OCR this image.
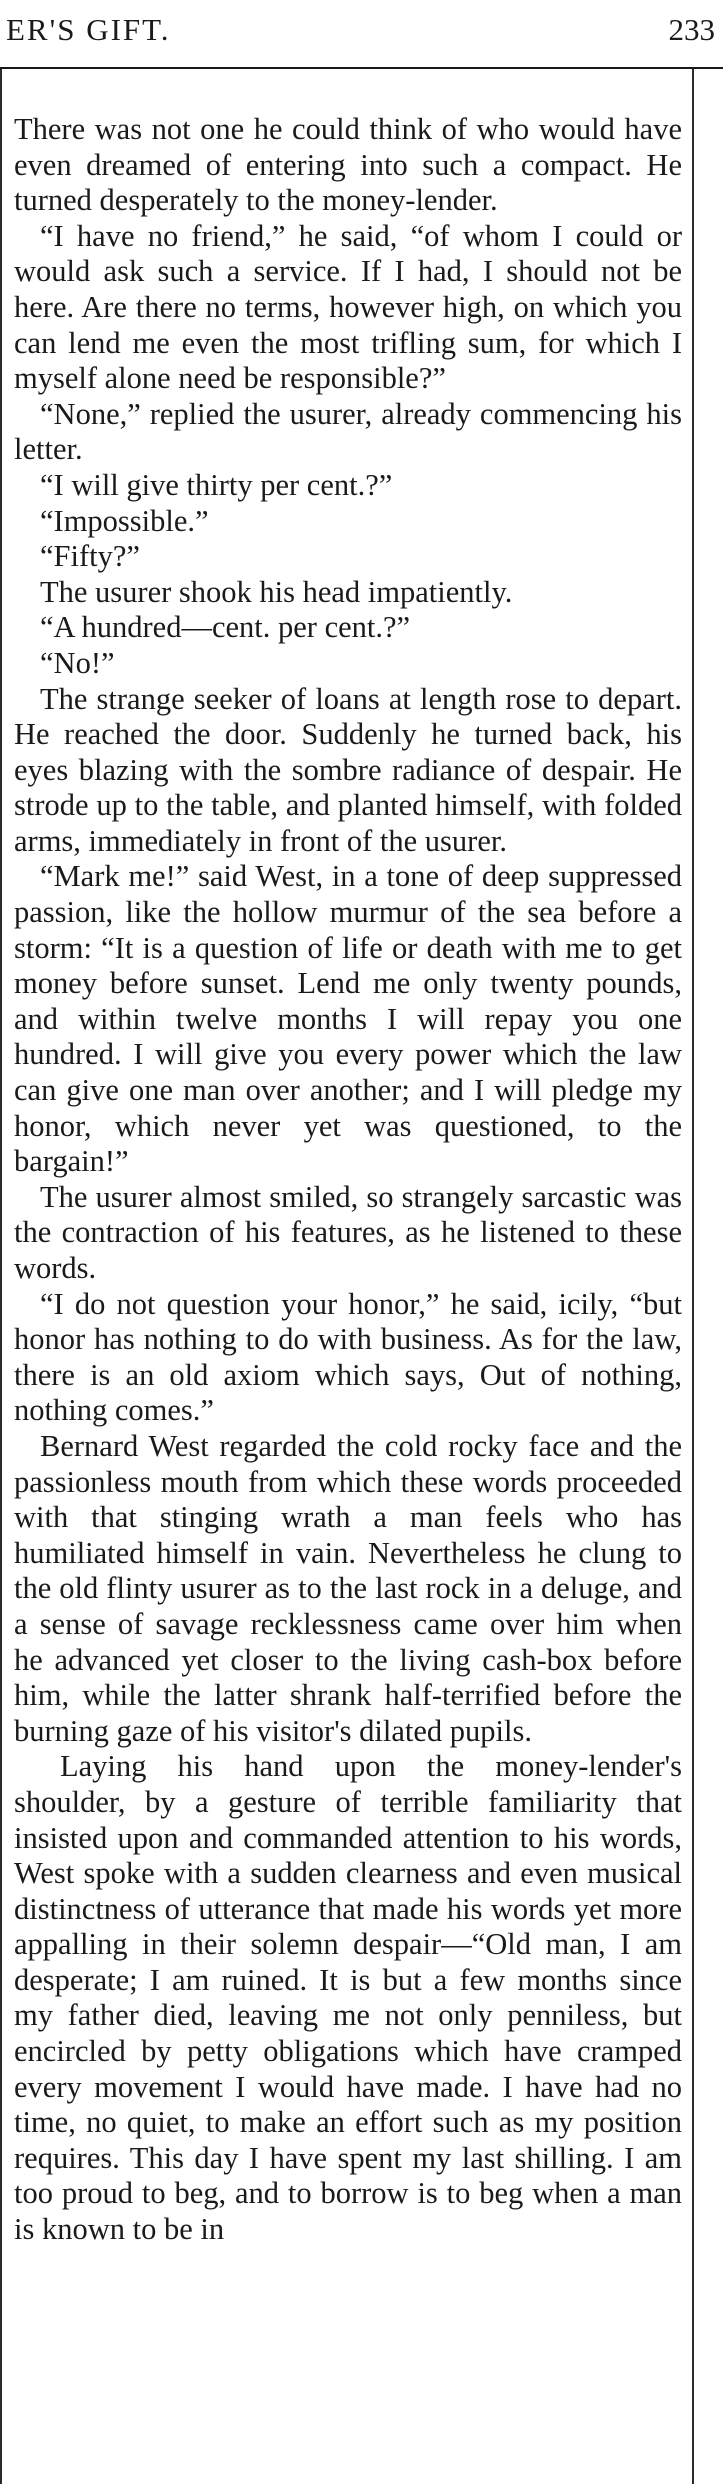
ER'S GIFT.	233

There was not one he could think of who would have even dreamed of entering into such a compact. He turned desperately to the money-lender.

“I have no friend,” he said, “of whom I could or would ask such a service. If I had, I should not be here. Are there no terms, however high, on which you can lend me even the most trifling sum, for which I myself alone need be responsible?”

“None,” replied the usurer, already commencing his letter.

“I will give thirty per cent.?”

“Impossible.”

“Fifty?”

The usurer shook his head impatiently.

“A hundred—cent. per cent.?”

“No!”

The strange seeker of loans at length rose to depart. He reached the door. Suddenly he turned back, his eyes blazing with the sombre radiance of despair. He strode up to the table, and planted himself, with folded arms, immediately in front of the usurer.

“Mark me!” said West, in a tone of deep suppressed passion, like the hollow murmur of the sea before a storm: “It is a question of life or death with me to get money before sunset. Lend me only twenty pounds, and within twelve months I will repay you one hundred. I will give you every power which the law can give one man over another; and I will pledge my honor, which never yet was questioned, to the bargain!”

The usurer almost smiled, so strangely sarcastic was the contraction of his features, as he listened to these words.

“I do not question your honor,” he said, icily, “but honor has nothing to do with business. As for the law, there is an old axiom which says, Out of nothing, nothing comes.”

Bernard West regarded the cold rocky face and the passionless mouth from which these words proceeded with that stinging wrath a man feels who has humiliated himself in vain. Nevertheless he clung to the old flinty usurer as to the last rock in a deluge, and a sense of savage recklessness came over him when he advanced yet closer to the living cash-box before him, while the latter shrank half-terrified before the burning gaze of his visitor's dilated pupils.

Laying his hand upon the money-lender's shoulder, by a gesture of terrible familiarity that insisted upon and commanded attention to his words, West spoke with a sudden clearness and even musical distinctness of utterance that made his words yet more appalling in their solemn despair—“Old man, I am desperate; I am ruined. It is but a few months since my father died, leaving me not only penniless, but encircled by petty obligations which have cramped every movement I would have made. I have had no time, no quiet, to make an effort such as my position requires. This day I have spent my last shilling. I am too proud to beg, and to borrow is to beg when a man is known to be in
